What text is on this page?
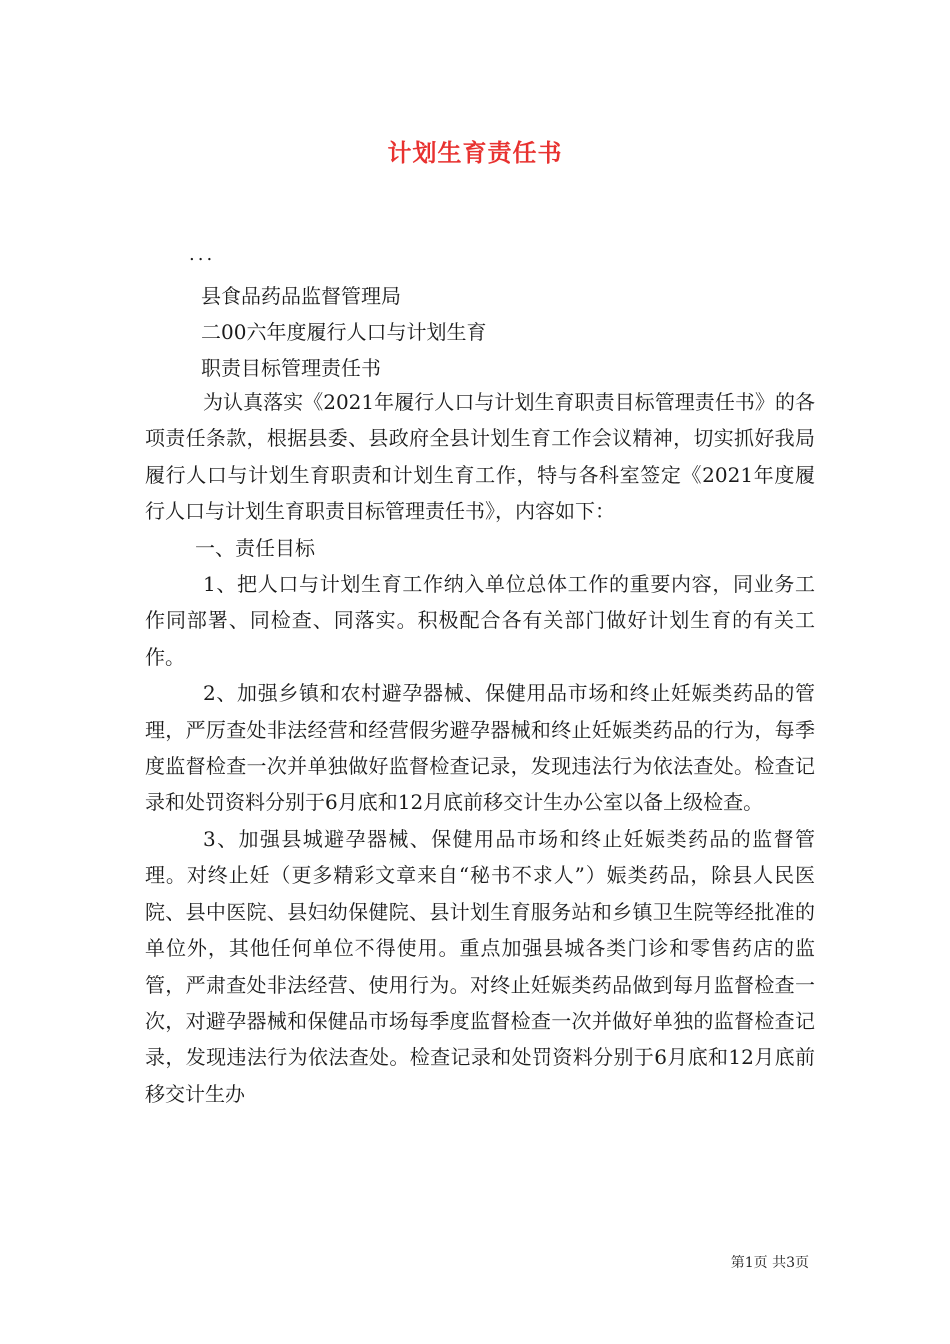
计划生育责任书
...
县食品药品监督管理局
二00六年度履行人口与计划生育
职责目标管理责任书

为认真落实《2021年履行人口与计划生育职责目标管理责任书》的各项责任条款，根据县委、县政府全县计划生育工作会议精神，切实抓好我局履行人口与计划生育职责和计划生育工作，特与各科室签定《2021年度履行人口与计划生育职责目标管理责任书》，内容如下：

一、责任目标

1、把人口与计划生育工作纳入单位总体工作的重要内容，同业务工作同部署、同检查、同落实。积极配合各有关部门做好计划生育的有关工作。

2、加强乡镇和农村避孕器械、保健用品市场和终止妊娠类药品的管理，严厉查处非法经营和经营假劣避孕器械和终止妊娠类药品的行为，每季度监督检查一次并单独做好监督检查记录，发现违法行为依法查处。检查记录和处罚资料分别于6月底和12月底前移交计生办公室以备上级检查。

3、加强县城避孕器械、保健用品市场和终止妊娠类药品的监督管理。对终止妊（更多精彩文章来自“秘书不求人”）娠类药品，除县人民医院、县中医院、县妇幼保健院、县计划生育服务站和乡镇卫生院等经批准的单位外，其他任何单位不得使用。重点加强县城各类门诊和零售药店的监管，严肃查处非法经营、使用行为。对终止妊娠类药品做到每月监督检查一次，对避孕器械和保健品市场每季度监督检查一次并做好单独的监督检查记录，发现违法行为依法查处。检查记录和处罚资料分别于6月底和12月底前移交计生办

第1页 共3页
